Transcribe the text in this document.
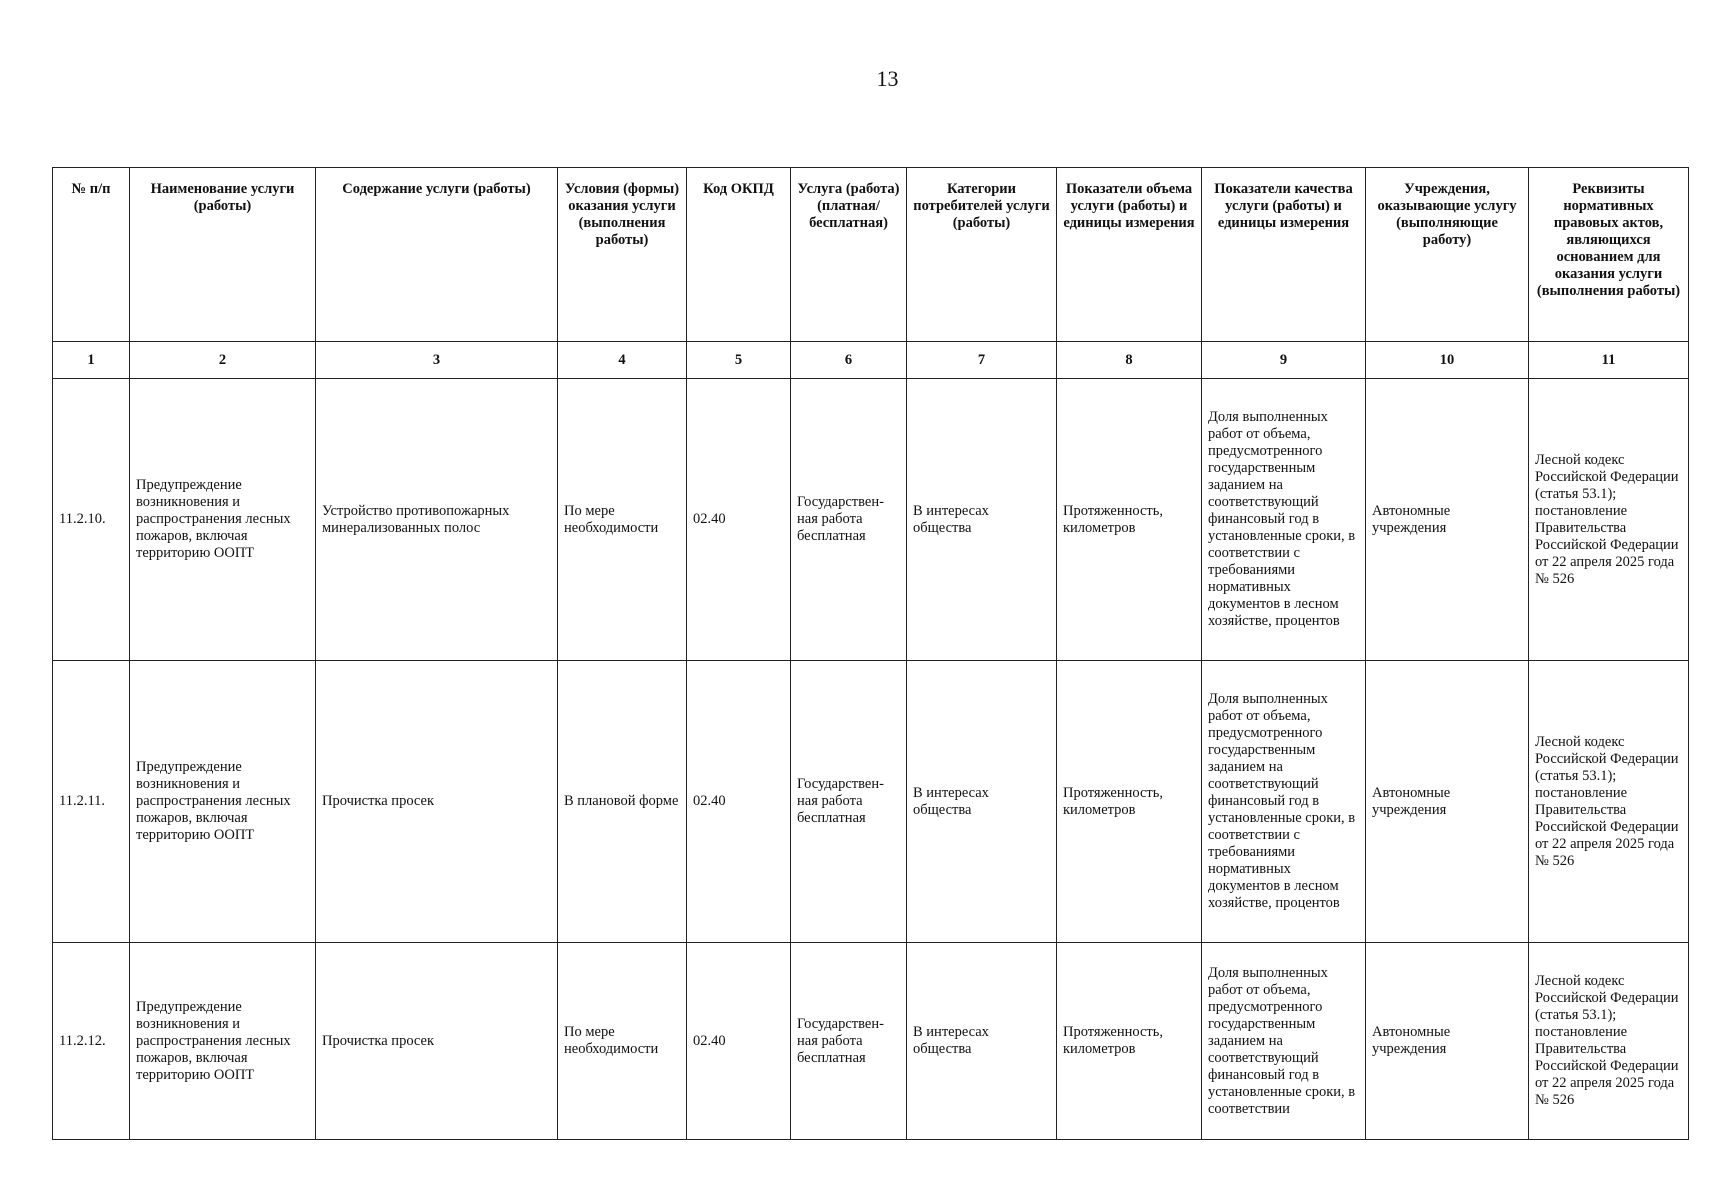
13
№ п/п	Наименование услуги (работы)	Содержание услуги (работы)	Условия (формы) оказания услуги (выполнения работы)	Код ОКПД	Услуга (работа) (платная/ бесплатная)	Категории потребителей услуги (работы)	Показатели объема услуги (работы) и единицы измерения	Показатели качества услуги (работы) и единицы измерения	Учреждения, оказывающие услугу (выполняющие работу)	Реквизиты нормативных правовых актов, являющихся основанием для оказания услуги (выполнения работы)
1	2	3	4	5	6	7	8	9	10	11
11.2.10.	Предупреждение возникновения и распространения лесных пожаров, включая территорию ООПТ	Устройство противопожарных минерализованных полос	По мере необходимости	02.40	Государствен-ная работа бесплатная	В интересах общества	Протяженность, километров	Доля выполненных работ от объема, предусмотренного государственным заданием на соответствующий финансовый год в установленные сроки, в соответствии с требованиями нормативных документов в лесном хозяйстве, процентов	Автономные учреждения	Лесной кодекс Российской Федерации (статья 53.1); постановление Правительства Российской Федерации от 22 апреля 2025 года № 526
11.2.11.	Предупреждение возникновения и распространения лесных пожаров, включая территорию ООПТ	Прочистка просек	В плановой форме	02.40	Государствен-ная работа бесплатная	В интересах общества	Протяженность, километров	Доля выполненных работ от объема, предусмотренного государственным заданием на соответствующий финансовый год в установленные сроки, в соответствии с требованиями нормативных документов в лесном хозяйстве, процентов	Автономные учреждения	Лесной кодекс Российской Федерации (статья 53.1); постановление Правительства Российской Федерации от 22 апреля 2025 года № 526
11.2.12.	Предупреждение возникновения и распространения лесных пожаров, включая территорию ООПТ	Прочистка просек	По мере необходимости	02.40	Государствен-ная работа бесплатная	В интересах общества	Протяженность, километров	Доля выполненных работ от объема, предусмотренного государственным заданием на соответствующий финансовый год в установленные сроки, в соответствии	Автономные учреждения	Лесной кодекс Российской Федерации (статья 53.1); постановление Правительства Российской Федерации от 22 апреля 2025 года № 526
